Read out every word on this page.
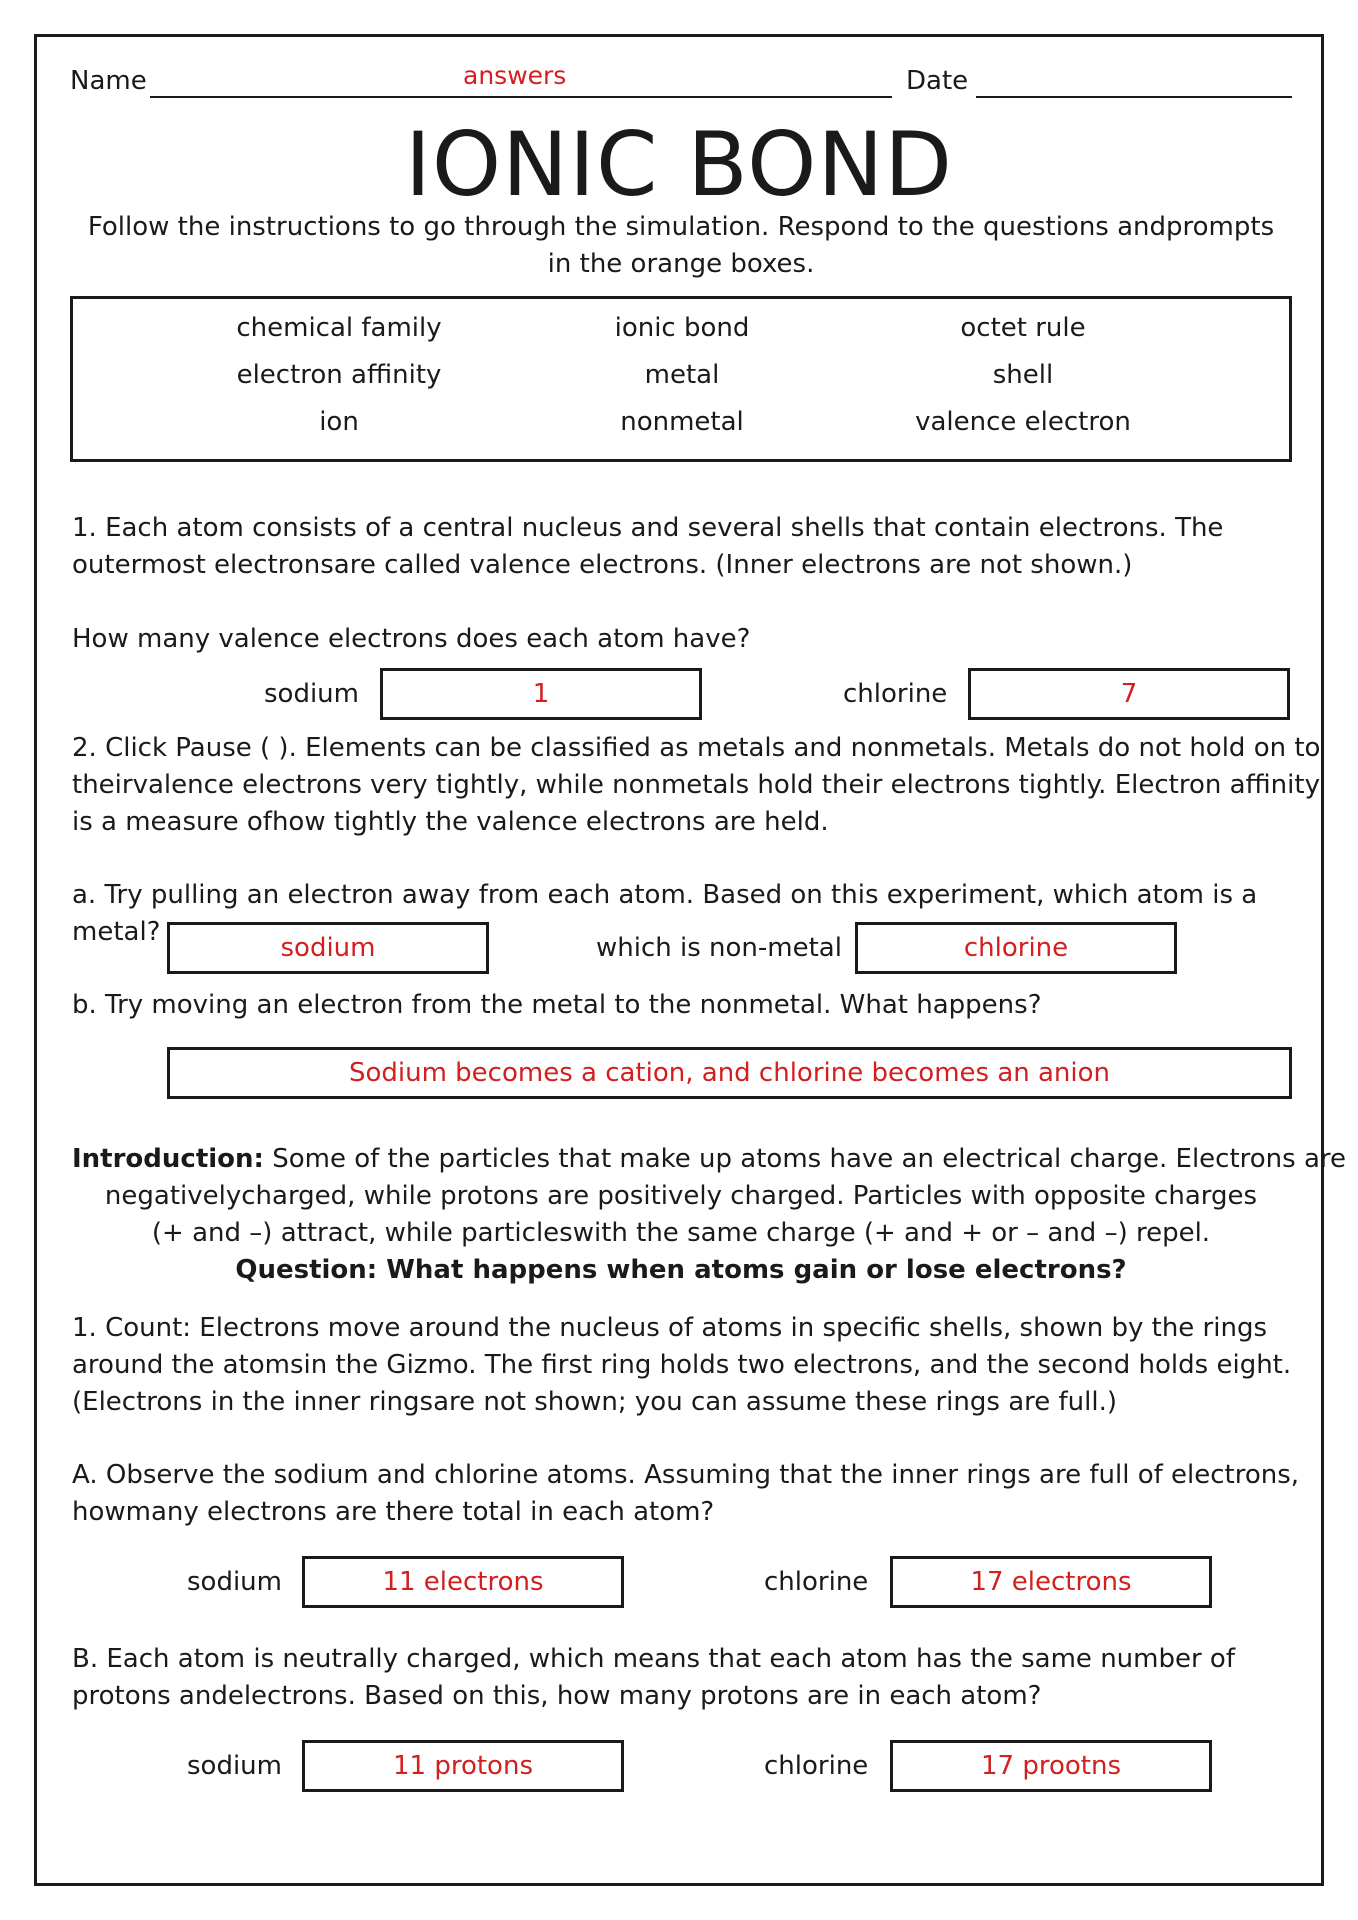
Name	answers	Date
IONIC BOND
Follow the instructions to go through the simulation. Respond to the questions andprompts in the orange boxes.
chemical family	ionic bond	octet rule
electron affinity	metal	shell
ion	nonmetal	valence electron
1. Each atom consists of a central nucleus and several shells that contain electrons. The
outermost electronsare called valence electrons. (Inner electrons are not shown.)
How many valence electrons does each atom have?
sodium	1	chlorine	7
2. Click Pause ( ). Elements can be classified as metals and nonmetals. Metals do not hold on to
theirvalence electrons very tightly, while nonmetals hold their electrons tightly. Electron affinity
is a measure ofhow tightly the valence electrons are held.
a. Try pulling an electron away from each atom. Based on this experiment, which atom is a
metal?
sodium	which is non-metal	chlorine
b. Try moving an electron from the metal to the nonmetal. What happens?
Sodium becomes a cation, and chlorine becomes an anion
Introduction: Some of the particles that make up atoms have an electrical charge. Electrons are
negativelycharged, while protons are positively charged. Particles with opposite charges
(+ and –) attract, while particleswith the same charge (+ and + or – and –) repel.
Question: What happens when atoms gain or lose electrons?
1. Count: Electrons move around the nucleus of atoms in specific shells, shown by the rings
around the atomsin the Gizmo. The first ring holds two electrons, and the second holds eight.
(Electrons in the inner ringsare not shown; you can assume these rings are full.)
A. Observe the sodium and chlorine atoms. Assuming that the inner rings are full of electrons,
howmany electrons are there total in each atom?
sodium	11 electrons	chlorine	17 electrons
B. Each atom is neutrally charged, which means that each atom has the same number of
protons andelectrons. Based on this, how many protons are in each atom?
sodium	11 protons	chlorine	17 prootns
